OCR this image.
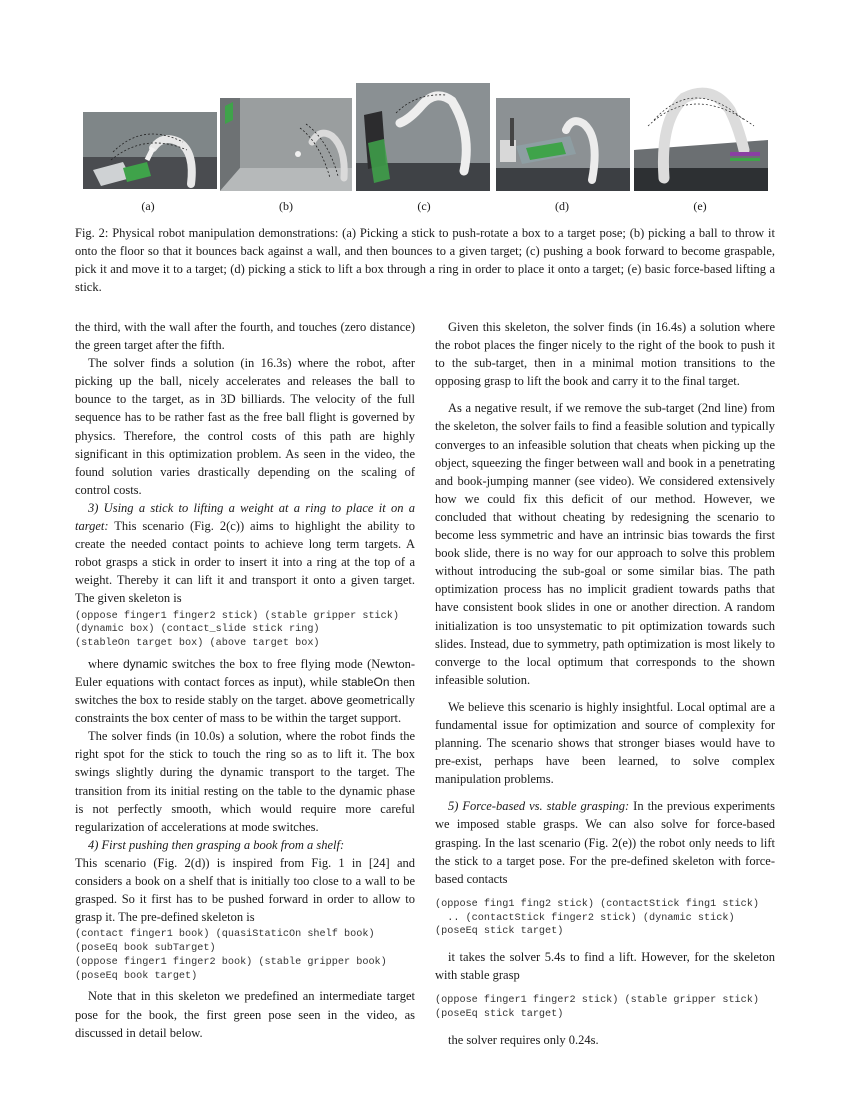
(a)	(b)	(c)	(d)	(e)
Fig. 2: Physical robot manipulation demonstrations: (a) Picking a stick to push-rotate a box to a target pose; (b) picking a ball to throw it onto the floor so that it bounces back against a wall, and then bounces to a given target; (c) pushing a book forward to become graspable, pick it and move it to a target; (d) picking a stick to lift a box through a ring in order to place it onto a target; (e) basic force-based lifting a stick.

the third, with the wall after the fourth, and touches (zero distance) the green target after the fifth.

The solver finds a solution (in 16.3s) where the robot, after picking up the ball, nicely accelerates and releases the ball to bounce to the target, as in 3D billiards. The velocity of the full sequence has to be rather fast as the free ball flight is governed by physics. Therefore, the control costs of this path are highly significant in this optimization problem. As seen in the video, the found solution varies drastically depending on the scaling of control costs.

3) Using a stick to lifting a weight at a ring to place it on a target: This scenario (Fig. 2(c)) aims to highlight the ability to create the needed contact points to achieve long term targets. A robot grasps a stick in order to insert it into a ring at the top of a weight. Thereby it can lift it and transport it onto a given target. The given skeleton is

(oppose finger1 finger2 stick) (stable gripper stick)
(dynamic box) (contact_slide stick ring)
(stableOn target box) (above target box)

where dynamic switches the box to free flying mode (Newton-Euler equations with contact forces as input), while stableOn then switches the box to reside stably on the target. above geometrically constraints the box center of mass to be within the target support.

The solver finds (in 10.0s) a solution, where the robot finds the right spot for the stick to touch the ring so as to lift it. The box swings slightly during the dynamic transport to the target. The transition from its initial resting on the table to the dynamic phase is not perfectly smooth, which would require more careful regularization of accelerations at mode switches.

4) First pushing then grasping a book from a shelf:

This scenario (Fig. 2(d)) is inspired from Fig. 1 in [24] and considers a book on a shelf that is initially too close to a wall to be grasped. So it first has to be pushed forward in order to allow to grasp it. The pre-defined skeleton is

(contact finger1 book) (quasiStaticOn shelf book)
(poseEq book subTarget)
(oppose finger1 finger2 book) (stable gripper book)
(poseEq book target)

Note that in this skeleton we predefined an intermediate target pose for the book, the first green pose seen in the video, as discussed in detail below.

Given this skeleton, the solver finds (in 16.4s) a solution where the robot places the finger nicely to the right of the book to push it to the sub-target, then in a minimal motion transitions to the opposing grasp to lift the book and carry it to the final target.

As a negative result, if we remove the sub-target (2nd line) from the skeleton, the solver fails to find a feasible solution and typically converges to an infeasible solution that cheats when picking up the object, squeezing the finger between wall and book in a penetrating and book-jumping manner (see video). We considered extensively how we could fix this deficit of our method. However, we concluded that without cheating by redesigning the scenario to become less symmetric and have an intrinsic bias towards the first book slide, there is no way for our approach to solve this problem without introducing the sub-goal or some similar bias. The path optimization process has no implicit gradient towards paths that have consistent book slides in one or another direction. A random initialization is too unsystematic to pit optimization towards such slides. Instead, due to symmetry, path optimization is most likely to converge to the local optimum that corresponds to the shown infeasible solution.

We believe this scenario is highly insightful. Local optimal are a fundamental issue for optimization and source of complexity for planning. The scenario shows that stronger biases would have to pre-exist, perhaps have been learned, to solve complex manipulation problems.

5) Force-based vs. stable grasping: In the previous experiments we imposed stable grasps. We can also solve for force-based grasping. In the last scenario (Fig. 2(e)) the robot only needs to lift the stick to a target pose. For the pre-defined skeleton with force-based contacts

(oppose fing1 fing2 stick) (contactStick fing1 stick)
.. (contactStick finger2 stick) (dynamic stick)
(poseEq stick target)

it takes the solver 5.4s to find a lift. However, for the skeleton with stable grasp

(oppose finger1 finger2 stick) (stable gripper stick)
(poseEq stick target)

the solver requires only 0.24s.
